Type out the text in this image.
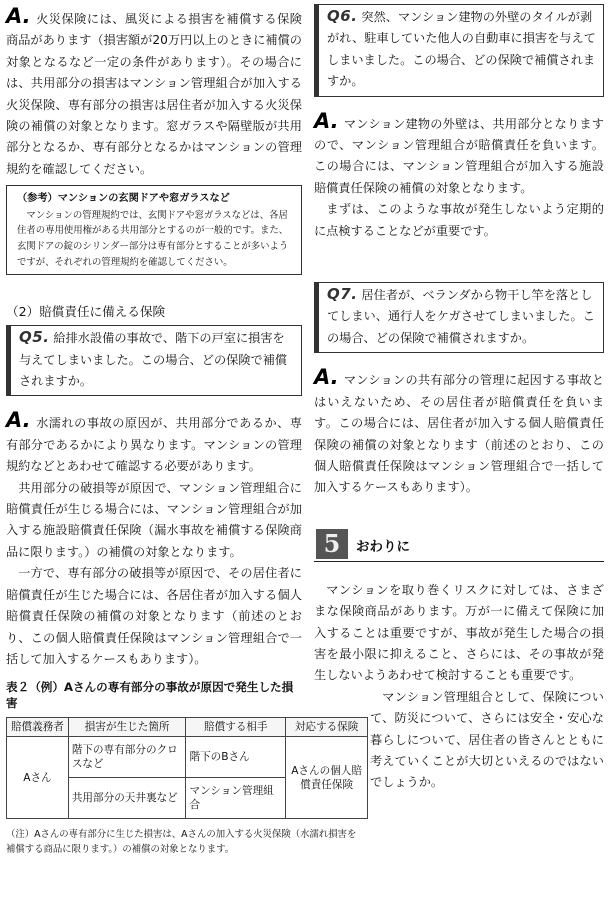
A. 火災保険には、風災による損害を補償する保険商品があります（損害額が20万円以上のときに補償の対象となるなど一定の条件があります）。その場合には、共用部分の損害はマンション管理組合が加入する火災保険、専有部分の損害は居住者が加入する火災保険の補償の対象となります。窓ガラスや隔壁版が共用部分となるか、専有部分となるかはマンションの管理規約を確認してください。

（参考）マンションの玄関ドアや窓ガラスなど

マンションの管理規約では、玄関ドアや窓ガラスなどは、各居住者の専用使用権がある共用部分とするのが一般的です。また、玄関ドアの錠のシリンダー部分は専有部分とすることが多いようですが、それぞれの管理規約を確認してください。

（2）賠償責任に備える保険

Q5. 給排水設備の事故で、階下の戸室に損害を与えてしまいました。この場合、どの保険で補償されますか。

A. 水濡れの事故の原因が、共用部分であるか、専有部分であるかにより異なります。マンションの管理規約などとあわせて確認する必要があります。

共用部分の破損等が原因で、マンション管理組合に賠償責任が生じる場合には、マンション管理組合が加入する施設賠償責任保険（漏水事故を補償する保険商品に限ります。）の補償の対象となります。

一方で、専有部分の破損等が原因で、その居住者に賠償責任が生じた場合には、各居住者が加入する個人賠償責任保険の補償の対象となります（前述のとおり、この個人賠償責任保険はマンション管理組合で一括して加入するケースもあります）。

表２（例）Aさんの専有部分の事故が原因で発生した損害

賠償義務者	損害が生じた箇所	賠償する相手	対応する保険
Aさん	階下の専有部分のクロスなど	階下のBさん	Aさんの個人賠償責任保険
	共用部分の天井裏など	マンション管理組合	

（注）Aさんの専有部分に生じた損害は、Aさんの加入する火災保険（水濡れ損害を補償する商品に限ります。）の補償の対象となります。

Q6. 突然、マンション建物の外壁のタイルが剥がれ、駐車していた他人の自動車に損害を与えてしまいました。この場合、どの保険で補償されますか。

A. マンション建物の外壁は、共用部分となりますので、マンション管理組合が賠償責任を負います。この場合には、マンション管理組合が加入する施設賠償責任保険の補償の対象となります。

まずは、このような事故が発生しないよう定期的に点検することなどが重要です。

Q7. 居住者が、ベランダから物干し竿を落としてしまい、通行人をケガさせてしまいました。この場合、どの保険で補償されますか。

A. マンションの共有部分の管理に起因する事故とはいえないため、その居住者が賠償責任を負います。この場合には、居住者が加入する個人賠償責任保険の補償の対象となります（前述のとおり、この個人賠償責任保険はマンション管理組合で一括して加入するケースもあります）。

5	おわりに

マンションを取り巻くリスクに対しては、さまざまな保険商品があります。万が一に備えて保険に加入することは重要ですが、事故が発生した場合の損害を最小限に抑えること、さらには、その事故が発生しないようあわせて検討することも重要です。

マンション管理組合として、保険について、防災について、さらには安全・安心な暮らしについて、居住者の皆さんとともに考えていくことが大切といえるのではないでしょうか。
